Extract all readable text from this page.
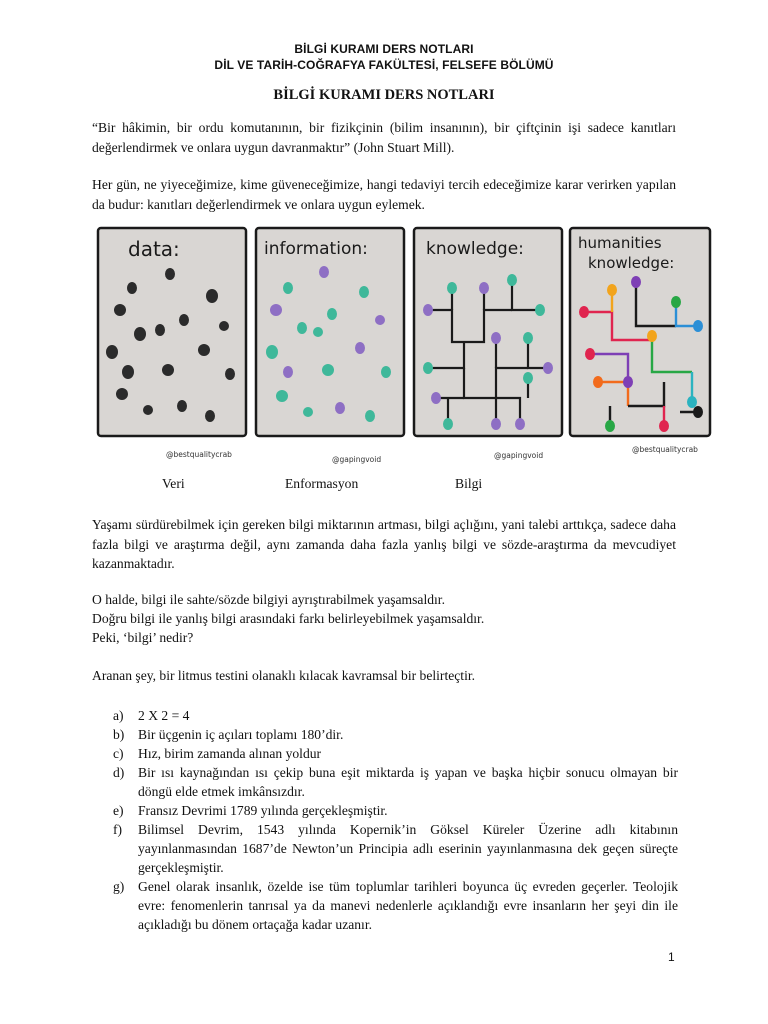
BİLGİ KURAMI DERS NOTLARI
DİL VE TARİH-COĞRAFYA FAKÜLTESİ, FELSEFE BÖLÜMÜ
BİLGİ KURAMI DERS NOTLARI
“Bir hâkimin, bir ordu komutanının, bir fizikçinin (bilim insanının), bir çiftçinin işi sadece kanıtları değerlendirmek ve onlara uygun davranmaktır” (John Stuart Mill).
Her gün, ne yiyeceğimize, kime güveneceğimize, hangi tedaviyi tercih edeceğimize karar verirken yapılan da budur: kanıtları değerlendirmek ve onlara uygun eylemek.
data:
@bestqualitycrab
information:
@gapingvoid
knowledge:
@gapingvoid
humanities
knowledge:
@bestqualitycrab
Veri	Enformasyon	Bilgi
Yaşamı sürdürebilmek için gereken bilgi miktarının artması, bilgi açlığını, yani talebi arttıkça, sadece daha fazla bilgi ve araştırma değil, aynı zamanda daha fazla yanlış bilgi ve sözde-araştırma da mevcudiyet kazanmaktadır.
O halde, bilgi ile sahte/sözde bilgiyi ayrıştırabilmek yaşamsaldır.
Doğru bilgi ile yanlış bilgi arasındaki farkı belirleyebilmek yaşamsaldır.
Peki, ‘bilgi’ nedir?
Aranan şey, bir litmus testini olanaklı kılacak kavramsal bir belirteçtir.
a) 2 X 2 = 4
b) Bir üçgenin iç açıları toplamı 180’dir.
c) Hız, birim zamanda alınan yoldur
d) Bir ısı kaynağından ısı çekip buna eşit miktarda iş yapan ve başka hiçbir sonucu olmayan bir döngü elde etmek imkânsızdır.
e) Fransız Devrimi 1789 yılında gerçekleşmiştir.
f) Bilimsel Devrim, 1543 yılında Kopernik’in Göksel Küreler Üzerine adlı kitabının yayınlanmasından 1687’de Newton’un Principia adlı eserinin yayınlanmasına dek geçen süreçte gerçekleşmiştir.
g) Genel olarak insanlık, özelde ise tüm toplumlar tarihleri boyunca üç evreden geçerler. Teolojik evre: fenomenlerin tanrısal ya da manevi nedenlerle açıklandığı evre insanların her şeyi din ile açıkladığı bu dönem ortaçağa kadar uzanır.
1
